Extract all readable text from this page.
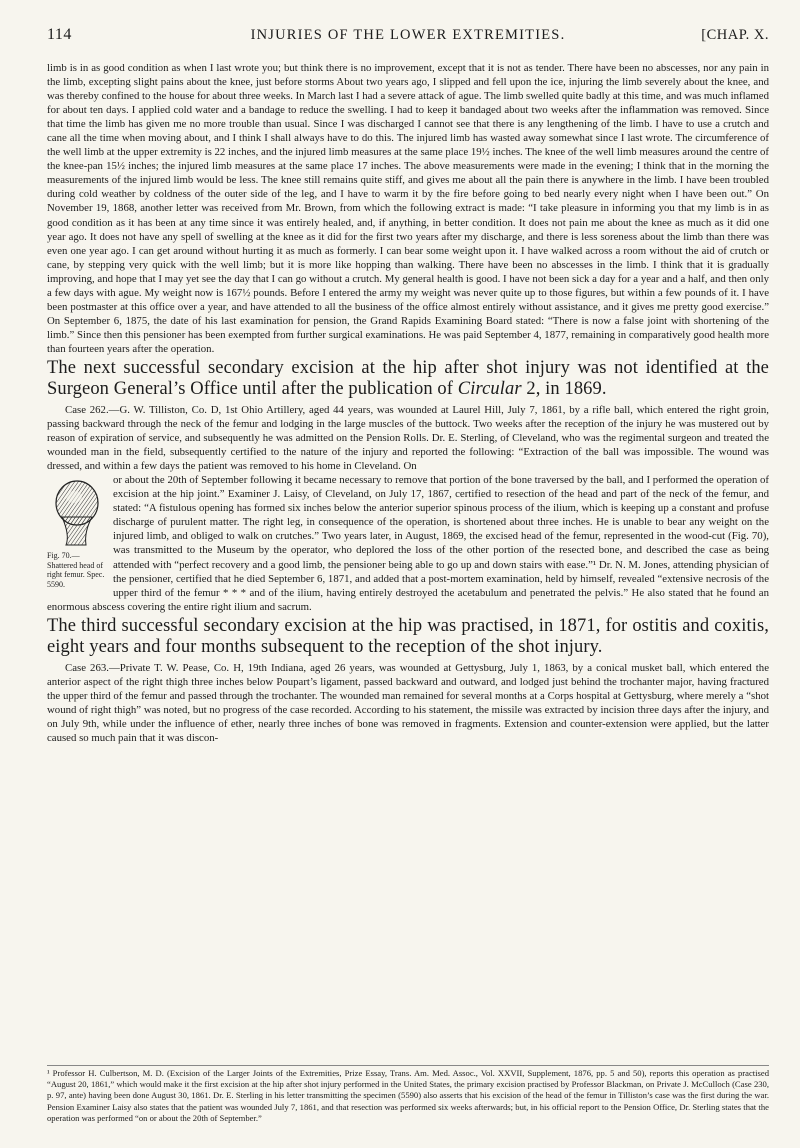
114	INJURIES OF THE LOWER EXTREMITIES.	[CHAP. X.

limb is in as good condition as when I last wrote you; but think there is no improvement, except that it is not as tender. There have been no abscesses, nor any pain in the limb, excepting slight pains about the knee, just before storms About two years ago, I slipped and fell upon the ice, injuring the limb severely about the knee, and was thereby confined to the house for about three weeks. In March last I had a severe attack of ague. The limb swelled quite badly at this time, and was much inflamed for about ten days. I applied cold water and a bandage to reduce the swelling. I had to keep it bandaged about two weeks after the inflammation was removed. Since that time the limb has given me no more trouble than usual. Since I was discharged I cannot see that there is any lengthening of the limb. I have to use a crutch and cane all the time when moving about, and I think I shall always have to do this. The injured limb has wasted away somewhat since I last wrote. The circumference of the well limb at the upper extremity is 22 inches, and the injured limb measures at the same place 19½ inches. The knee of the well limb measures around the centre of the knee-pan 15½ inches; the injured limb measures at the same place 17 inches. The above measurements were made in the evening; I think that in the morning the measurements of the injured limb would be less. The knee still remains quite stiff, and gives me about all the pain there is anywhere in the limb. I have been troubled during cold weather by coldness of the outer side of the leg, and I have to warm it by the fire before going to bed nearly every night when I have been out.” On November 19, 1868, another letter was received from Mr. Brown, from which the following extract is made: “I take pleasure in informing you that my limb is in as good condition as it has been at any time since it was entirely healed, and, if anything, in better condition. It does not pain me about the knee as much as it did one year ago. It does not have any spell of swelling at the knee as it did for the first two years after my discharge, and there is less soreness about the limb than there was even one year ago. I can get around without hurting it as much as formerly. I can bear some weight upon it. I have walked across a room without the aid of crutch or cane, by stepping very quick with the well limb; but it is more like hopping than walking. There have been no abscesses in the limb. I think that it is gradually improving, and hope that I may yet see the day that I can go without a crutch. My general health is good. I have not been sick a day for a year and a half, and then only a few days with ague. My weight now is 167½ pounds. Before I entered the army my weight was never quite up to those figures, but within a few pounds of it. I have been postmaster at this office over a year, and have attended to all the business of the office almost entirely without assistance, and it gives me pretty good exercise.” On September 6, 1875, the date of his last examination for pension, the Grand Rapids Examining Board stated: “There is now a false joint with shortening of the limb.” Since then this pensioner has been exempted from further surgical examinations. He was paid September 4, 1877, remaining in comparatively good health more than fourteen years after the operation.

The next successful secondary excision at the hip after shot injury was not identified at the Surgeon General’s Office until after the publication of Circular 2, in 1869.

Case 262.—G. W. Tilliston, Co. D, 1st Ohio Artillery, aged 44 years, was wounded at Laurel Hill, July 7, 1861, by a rifle ball, which entered the right groin, passing backward through the neck of the femur and lodging in the large muscles of the buttock. Two weeks after the reception of the injury he was mustered out by reason of expiration of service, and subsequently he was admitted on the Pension Rolls. Dr. E. Sterling, of Cleveland, who was the regimental surgeon and treated the wounded man in the field, subsequently certified to the nature of the injury and reported the following: “Extraction of the ball was impossible. The wound was dressed, and within a few days the patient was removed to his home in Cleveland. On

Fig. 70.—Shattered head of right femur. Spec. 5590.

or about the 20th of September following it became necessary to remove that portion of the bone traversed by the ball, and I performed the operation of excision at the hip joint.” Examiner J. Laisy, of Cleveland, on July 17, 1867, certified to resection of the head and part of the neck of the femur, and stated: “A fistulous opening has formed six inches below the anterior superior spinous process of the ilium, which is keeping up a constant and profuse discharge of purulent matter. The right leg, in consequence of the operation, is shortened about three inches. He is unable to bear any weight on the injured limb, and obliged to walk on crutches.” Two years later, in August, 1869, the excised head of the femur, represented in the wood-cut (Fig. 70), was transmitted to the Museum by the operator, who deplored the loss of the other portion of the resected bone, and described the case as being attended with “perfect recovery and a good limb, the pensioner being able to go up and down stairs with ease.”¹ Dr. N. M. Jones, attending physician of the pensioner, certified that he died September 6, 1871, and added that a post-mortem examination, held by himself, revealed “extensive necrosis of the upper third of the femur * * * and of the ilium, having entirely destroyed the acetabulum and penetrated the pelvis.” He also stated that he found an enormous abscess covering the entire right ilium and sacrum.

The third successful secondary excision at the hip was practised, in 1871, for ostitis and coxitis, eight years and four months subsequent to the reception of the shot injury.

Case 263.—Private T. W. Pease, Co. H, 19th Indiana, aged 26 years, was wounded at Gettysburg, July 1, 1863, by a conical musket ball, which entered the anterior aspect of the right thigh three inches below Poupart’s ligament, passed backward and outward, and lodged just behind the trochanter major, having fractured the upper third of the femur and passed through the trochanter. The wounded man remained for several months at a Corps hospital at Gettysburg, where merely a “shot wound of right thigh” was noted, but no progress of the case recorded. According to his statement, the missile was extracted by incision three days after the injury, and on July 9th, while under the influence of ether, nearly three inches of bone was removed in fragments. Extension and counter-extension were applied, but the latter caused so much pain that it was discon-

¹ Professor H. Culbertson, M. D. (Excision of the Larger Joints of the Extremities, Prize Essay, Trans. Am. Med. Assoc., Vol. XXVII, Supplement, 1876, pp. 5 and 50), reports this operation as practised “August 20, 1861,” which would make it the first excision at the hip after shot injury performed in the United States, the primary excision practised by Professor Blackman, on Private J. McCulloch (Case 230, p. 97, ante) having been done August 30, 1861. Dr. E. Sterling in his letter transmitting the specimen (5590) also asserts that his excision of the head of the femur in Tilliston’s case was the first during the war. Pension Examiner Laisy also states that the patient was wounded July 7, 1861, and that resection was performed six weeks afterwards; but, in his official report to the Pension Office, Dr. Sterling states that the operation was performed “on or about the 20th of September.”
